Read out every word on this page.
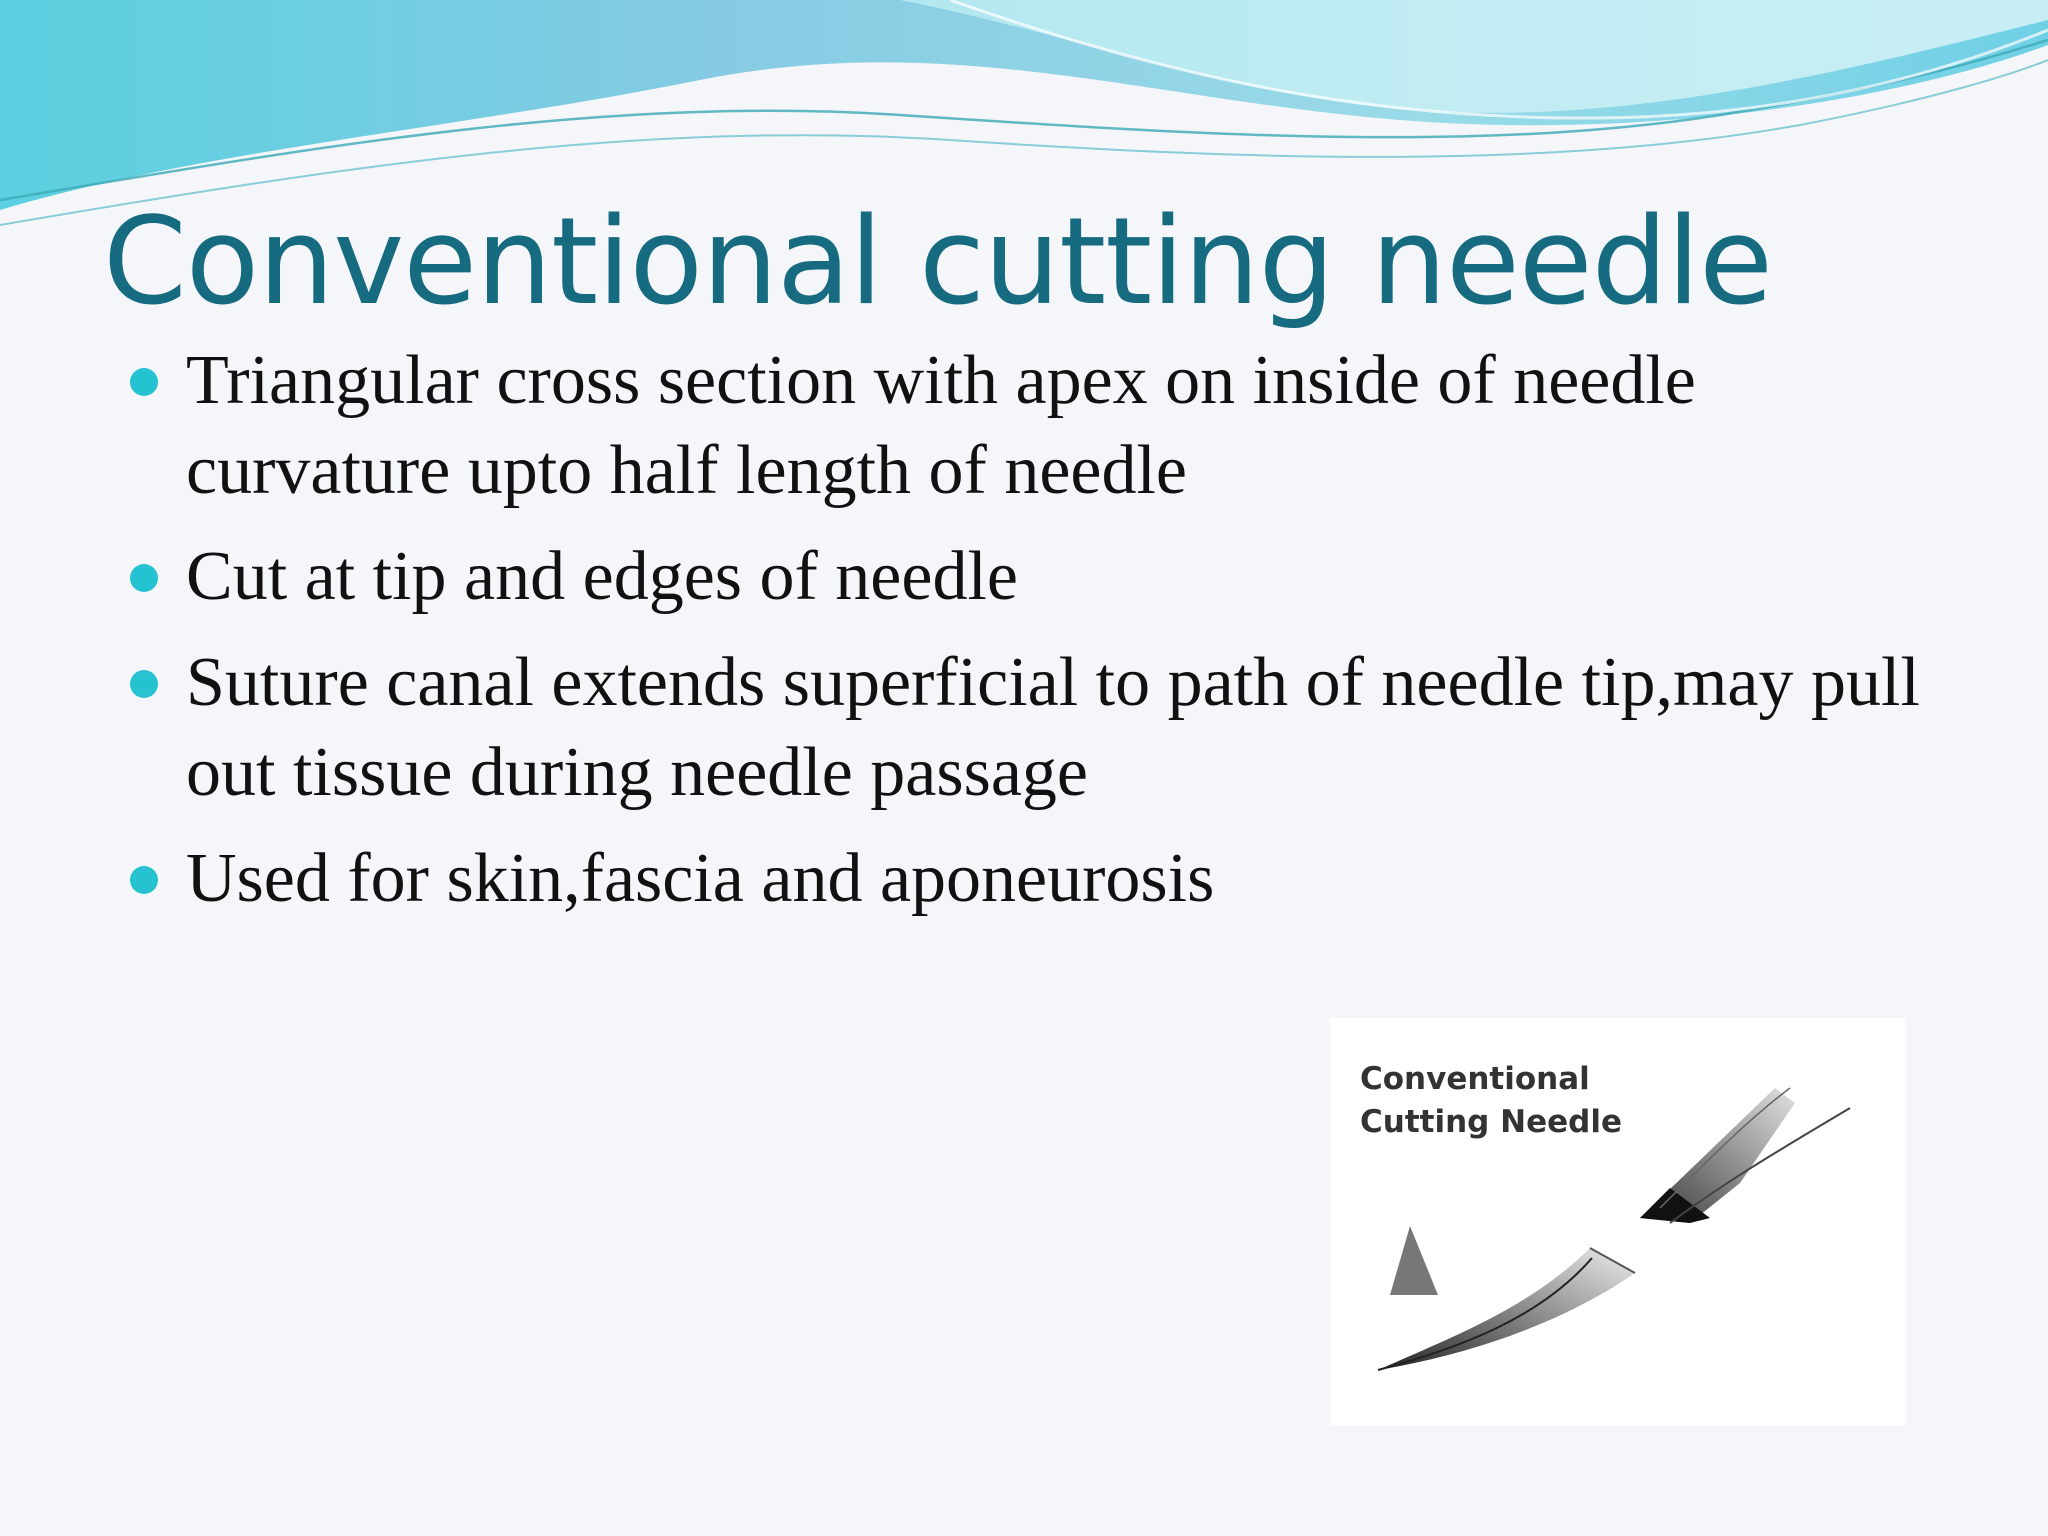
Conventional cutting needle
Triangular cross section with apex on inside of needle curvature upto half length of needle
Cut at tip and edges of needle
Suture canal extends superficial to path of needle tip,may pull out tissue during needle passage
Used for skin,fascia and aponeurosis
Conventional
Cutting Needle
